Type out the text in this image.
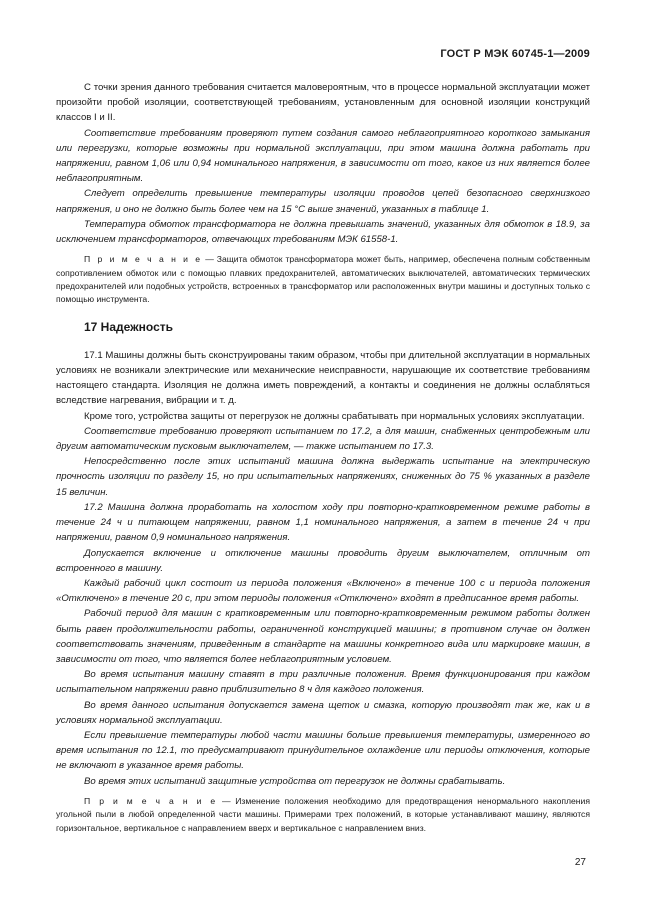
ГОСТ Р МЭК 60745-1—2009

С точки зрения данного требования считается маловероятным, что в процессе нормальной эксплуатации может произойти пробой изоляции, соответствующей требованиям, установленным для основной изоляции конструкций классов I и II.

Соответствие требованиям проверяют путем создания самого неблагоприятного короткого замыкания или перегрузки, которые возможны при нормальной эксплуатации, при этом машина должна работать при напряжении, равном 1,06 или 0,94 номинального напряжения, в зависимости от того, какое из них является более неблагоприятным.

Следует определить превышение температуры изоляции проводов цепей безопасного сверхнизкого напряжения, и оно не должно быть более чем на 15 °С выше значений, указанных в таблице 1.

Температура обмоток трансформатора не должна превышать значений, указанных для обмоток в 18.9, за исключением трансформаторов, отвечающих требованиям МЭК 61558-1.

П р и м е ч а н и е — Защита обмоток трансформатора может быть, например, обеспечена полным собственным сопротивлением обмоток или с помощью плавких предохранителей, автоматических выключателей, автоматических термических предохранителей или подобных устройств, встроенных в трансформатор или расположенных внутри машины и доступных только с помощью инструмента.

17 Надежность

17.1 Машины должны быть сконструированы таким образом, чтобы при длительной эксплуатации в нормальных условиях не возникали электрические или механические неисправности, нарушающие их соответствие требованиям настоящего стандарта. Изоляция не должна иметь повреждений, а контакты и соединения не должны ослабляться вследствие нагревания, вибрации и т. д.

Кроме того, устройства защиты от перегрузок не должны срабатывать при нормальных условиях эксплуатации.

Соответствие требованию проверяют испытанием по 17.2, а для машин, снабженных центробежным или другим автоматическим пусковым выключателем, — также испытанием по 17.3.

Непосредственно после этих испытаний машина должна выдержать испытание на электрическую прочность изоляции по разделу 15, но при испытательных напряжениях, сниженных до 75 % указанных в разделе 15 величин.

17.2 Машина должна проработать на холостом ходу при повторно-кратковременном режиме работы в течение 24 ч и питающем напряжении, равном 1,1 номинального напряжения, а затем в течение 24 ч при напряжении, равном 0,9 номинального напряжения.

Допускается включение и отключение машины проводить другим выключателем, отличным от встроенного в машину.

Каждый рабочий цикл состоит из периода положения «Включено» в течение 100 с и периода положения «Отключено» в течение 20 с, при этом периоды положения «Отключено» входят в предписанное время работы.

Рабочий период для машин с кратковременным или повторно-кратковременным режимом работы должен быть равен продолжительности работы, ограниченной конструкцией машины; в противном случае он должен соответствовать значениям, приведенным в стандарте на машины конкретного вида или маркировке машин, в зависимости от того, что является более неблагоприятным условием.

Во время испытания машину ставят в три различные положения. Время функционирования при каждом испытательном напряжении равно приблизительно 8 ч для каждого положения.

Во время данного испытания допускается замена щеток и смазка, которую производят так же, как и в условиях нормальной эксплуатации.

Если превышение температуры любой части машины больше превышения температуры, измеренного во время испытания по 12.1, то предусматривают принудительное охлаждение или периоды отключения, которые не включают в указанное время работы.

Во время этих испытаний защитные устройства от перегрузок не должны срабатывать.

П р и м е ч а н и е — Изменение положения необходимо для предотвращения ненормального накопления угольной пыли в любой определенной части машины. Примерами трех положений, в которые устанавливают машину, являются горизонтальное, вертикальное с направлением вверх и вертикальное с направлением вниз.

27
